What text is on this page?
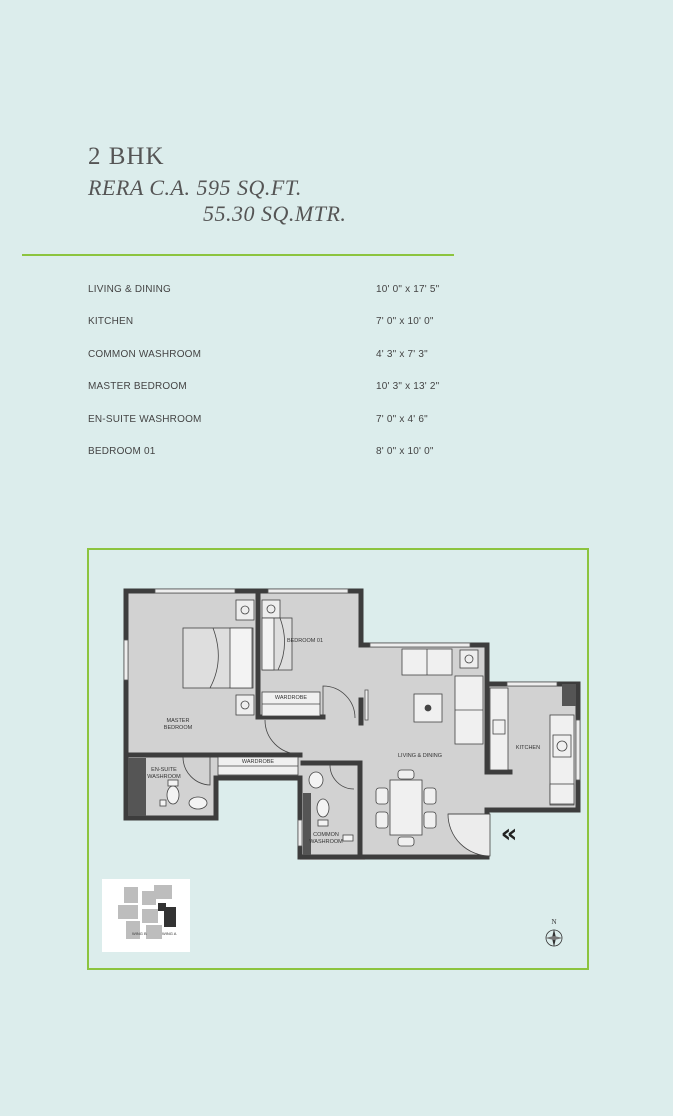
2 BHK
RERA C.A. 595 SQ.FT.
55.30 SQ.MTR.
LIVING & DINING	10' 0" x 17' 5"
KITCHEN	7' 0" x 10' 0"
COMMON WASHROOM	4' 3" x 7' 3"
MASTER BEDROOM	10' 3" x 13' 2"
EN-SUITE WASHROOM	7' 0" x 4' 6"
BEDROOM 01	8' 0" x 10' 0"
MASTER
BEDROOM
BEDROOM 01
WARDROBE
WARDROBE
EN-SUITE
WASHROOM
LIVING & DINING
KITCHEN
COMMON
WASHROOM	«
WING B	WING A
N
